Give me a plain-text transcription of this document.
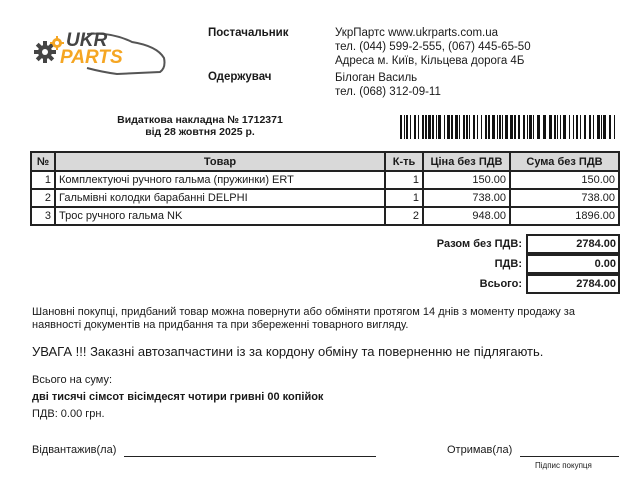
UKR
PARTS
Постачальник	УкрПартс www.ukrparts.com.ua
тел. (044) 599-2-555, (067) 445-65-50
Адреса м. Київ, Кільцева дорога 4Б
Одержувач	Білоган Василь
тел. (068) 312-09-11
Видаткова накладна № 1712371
від 28 жовтня 2025 р.
№	Товар	К-ть	Ціна без ПДВ	Сума без ПДВ
1	Комплектуючі ручного гальма (пружинки) ERT	1	150.00	150.00
2	Гальмівні колодки барабанні DELPHI	1	738.00	738.00
3	Трос ручного гальма NK	2	948.00	1896.00
Разом без ПДВ:	2784.00
ПДВ:	0.00
Всього:	2784.00
Шановні покупці, придбаний товар можна повернути або обміняти протягом 14 днів з моменту продажу за
наявності документів на придбання та при збереженні товарного вигляду.
УВАГА !!! Заказні автозапчастини із за кордону обміну та поверненню не підлягають.
Всього на суму:
дві тисячі сімсот вісімдесят чотири гривні 00 копійок
ПДВ: 0.00 грн.
Відвантажив(ла)	Отримав(ла)
Підпис покупця
